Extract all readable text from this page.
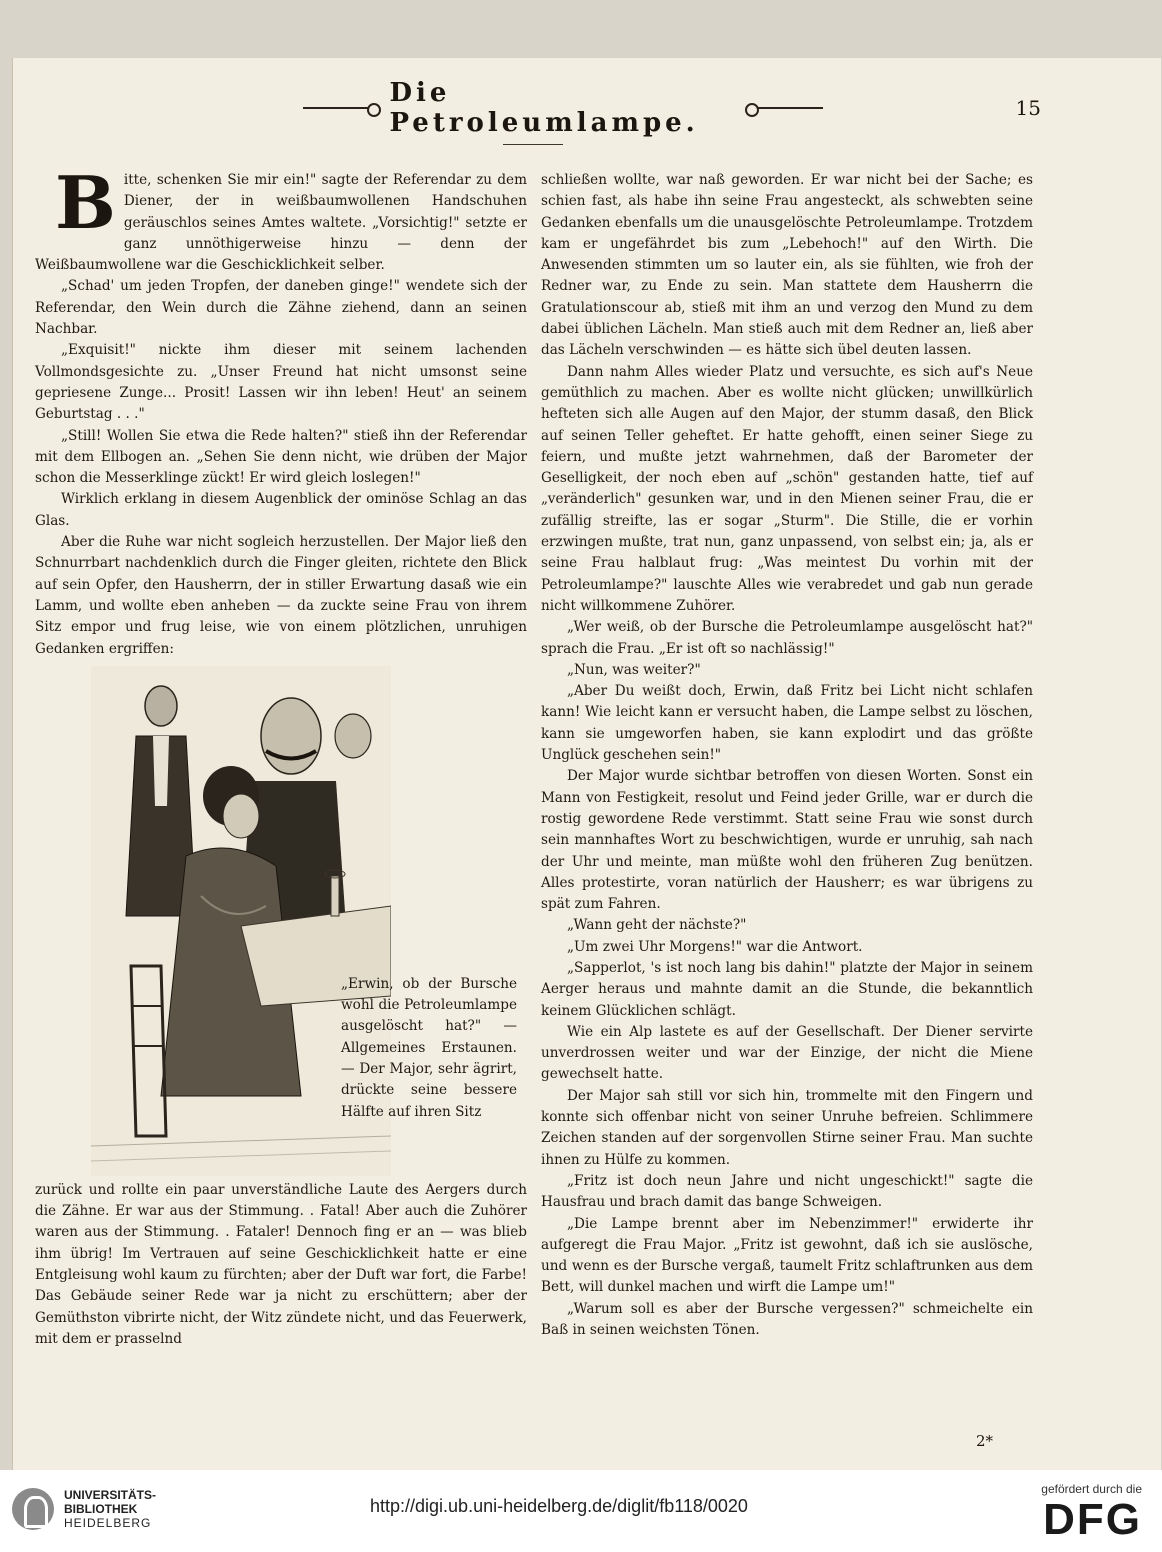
Die Petroleumlampe.	15

B itte, schenken Sie mir ein!" sagte der Referendar zu dem Diener, der in weißbaumwollenen Handschuhen geräuschlos seines Amtes waltete. „Vorsichtig!" setzte er ganz unnöthigerweise hinzu — denn der Weißbaumwollene war die Geschicklichkeit selber.

„Schad' um jeden Tropfen, der daneben ginge!" wendete sich der Referendar, den Wein durch die Zähne ziehend, dann an seinen Nachbar.

„Exquisit!" nickte ihm dieser mit seinem lachenden Vollmondsgesichte zu. „Unser Freund hat nicht umsonst seine gepriesene Zunge... Prosit! Lassen wir ihn leben! Heut' an seinem Geburtstag . . ."

„Still! Wollen Sie etwa die Rede halten?" stieß ihn der Referendar mit dem Ellbogen an. „Sehen Sie denn nicht, wie drüben der Major schon die Messerklinge zückt! Er wird gleich loslegen!"

Wirklich erklang in diesem Augenblick der ominöse Schlag an das Glas.

Aber die Ruhe war nicht sogleich herzustellen. Der Major ließ den Schnurrbart nachdenklich durch die Finger gleiten, richtete den Blick auf sein Opfer, den Hausherrn, der in stiller Erwartung dasaß wie ein Lamm, und wollte eben anheben — da zuckte seine Frau von ihrem Sitz empor und frug leise, wie von einem plötzlichen, unruhigen Gedanken ergriffen:

„Erwin, ob der Bursche wohl die Petroleumlampe ausgelöscht hat?" — Allgemeines Erstaunen. — Der Major, sehr ägrirt, drückte seine bessere Hälfte auf ihren Sitz

zurück und rollte ein paar unverständliche Laute des Aergers durch die Zähne. Er war aus der Stimmung. . Fatal! Aber auch die Zuhörer waren aus der Stimmung. . Fataler! Dennoch fing er an — was blieb ihm übrig! Im Vertrauen auf seine Geschicklichkeit hatte er eine Entgleisung wohl kaum zu fürchten; aber der Duft war fort, die Farbe! Das Gebäude seiner Rede war ja nicht zu erschüttern; aber der Gemüthston vibrirte nicht, der Witz zündete nicht, und das Feuerwerk, mit dem er prasselnd

schließen wollte, war naß geworden. Er war nicht bei der Sache; es schien fast, als habe ihn seine Frau angesteckt, als schwebten seine Gedanken ebenfalls um die unausgelöschte Petroleumlampe. Trotzdem kam er ungefährdet bis zum „Lebehoch!" auf den Wirth. Die Anwesenden stimmten um so lauter ein, als sie fühlten, wie froh der Redner war, zu Ende zu sein. Man stattete dem Hausherrn die Gratulationscour ab, stieß mit ihm an und verzog den Mund zu dem dabei üblichen Lächeln. Man stieß auch mit dem Redner an, ließ aber das Lächeln verschwinden — es hätte sich übel deuten lassen.

Dann nahm Alles wieder Platz und versuchte, es sich auf's Neue gemüthlich zu machen. Aber es wollte nicht glücken; unwillkürlich hefteten sich alle Augen auf den Major, der stumm dasaß, den Blick auf seinen Teller geheftet. Er hatte gehofft, einen seiner Siege zu feiern, und mußte jetzt wahrnehmen, daß der Barometer der Geselligkeit, der noch eben auf „schön" gestanden hatte, tief auf „veränderlich" gesunken war, und in den Mienen seiner Frau, die er zufällig streifte, las er sogar „Sturm". Die Stille, die er vorhin erzwingen mußte, trat nun, ganz unpassend, von selbst ein; ja, als er seine Frau halblaut frug: „Was meintest Du vorhin mit der Petroleumlampe?" lauschte Alles wie verabredet und gab nun gerade nicht willkommene Zuhörer.

„Wer weiß, ob der Bursche die Petroleumlampe ausgelöscht hat?" sprach die Frau. „Er ist oft so nachlässig!"

„Nun, was weiter?"

„Aber Du weißt doch, Erwin, daß Fritz bei Licht nicht schlafen kann! Wie leicht kann er versucht haben, die Lampe selbst zu löschen, kann sie umgeworfen haben, sie kann explodirt und das größte Unglück geschehen sein!"

Der Major wurde sichtbar betroffen von diesen Worten. Sonst ein Mann von Festigkeit, resolut und Feind jeder Grille, war er durch die rostig gewordene Rede verstimmt. Statt seine Frau wie sonst durch sein mannhaftes Wort zu beschwichtigen, wurde er unruhig, sah nach der Uhr und meinte, man müßte wohl den früheren Zug benützen. Alles protestirte, voran natürlich der Hausherr; es war übrigens zu spät zum Fahren.

„Wann geht der nächste?"

„Um zwei Uhr Morgens!" war die Antwort.

„Sapperlot, 's ist noch lang bis dahin!" platzte der Major in seinem Aerger heraus und mahnte damit an die Stunde, die bekanntlich keinem Glücklichen schlägt.

Wie ein Alp lastete es auf der Gesellschaft. Der Diener servirte unverdrossen weiter und war der Einzige, der nicht die Miene gewechselt hatte.

Der Major sah still vor sich hin, trommelte mit den Fingern und konnte sich offenbar nicht von seiner Unruhe befreien. Schlimmere Zeichen standen auf der sorgenvollen Stirne seiner Frau. Man suchte ihnen zu Hülfe zu kommen.

„Fritz ist doch neun Jahre und nicht ungeschickt!" sagte die Hausfrau und brach damit das bange Schweigen.

„Die Lampe brennt aber im Nebenzimmer!" erwiderte ihr aufgeregt die Frau Major. „Fritz ist gewohnt, daß ich sie auslösche, und wenn es der Bursche vergaß, taumelt Fritz schlaftrunken aus dem Bett, will dunkel machen und wirft die Lampe um!"

„Warum soll es aber der Bursche vergessen?" schmeichelte ein Baß in seinen weichsten Tönen.

2*
UNIVERSITÄTS-
BIBLIOTHEK
HEIDELBERG
http://digi.ub.uni-heidelberg.de/diglit/fb118/0020
gefördert durch die
DFG
